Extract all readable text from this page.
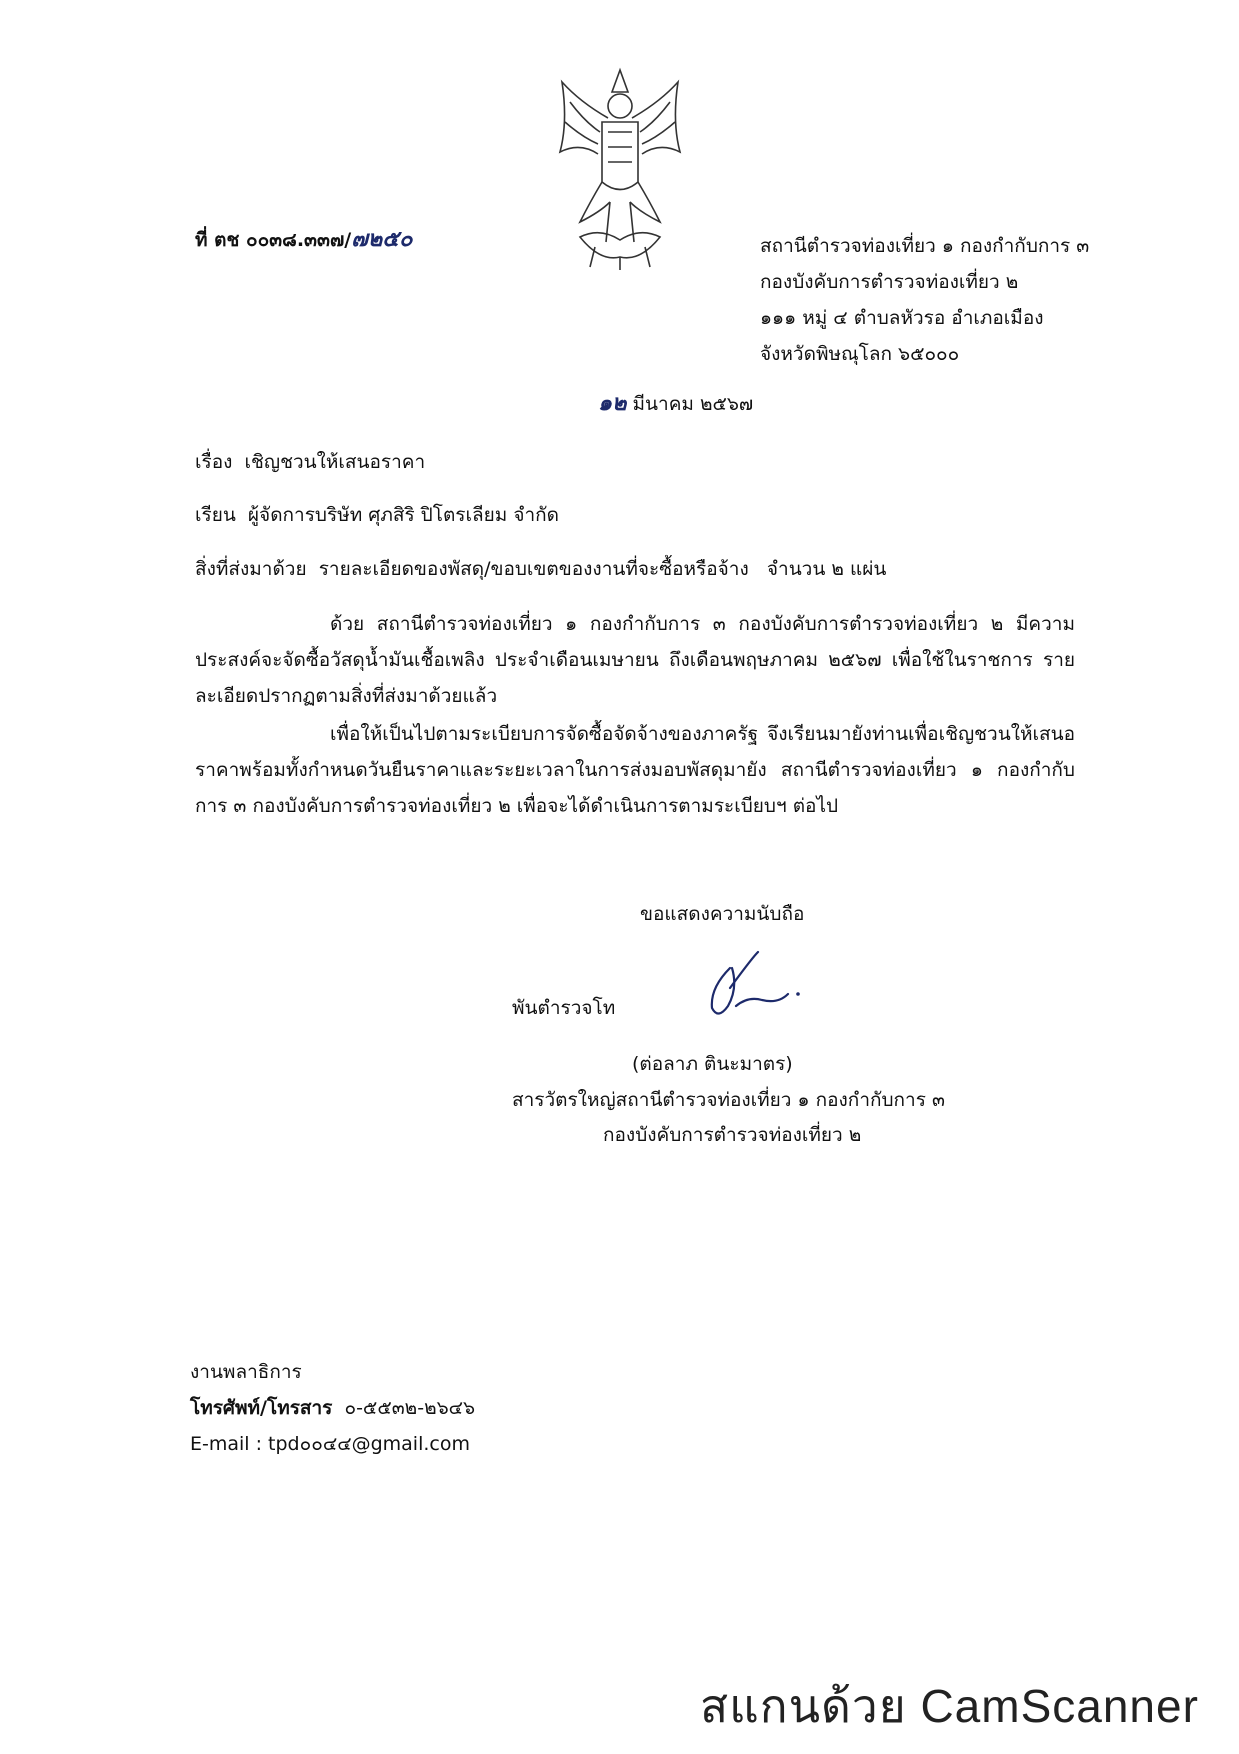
ที่ ตช ๐๐๓๘.๓๓๗/๗๒๕๐	สถานีตำรวจท่องเที่ยว ๑ กองกำกับการ ๓
กองบังคับการตำรวจท่องเที่ยว ๒
๑๑๑ หมู่ ๔ ตำบลหัวรอ อำเภอเมือง
จังหวัดพิษณุโลก ๖๕๐๐๐
๑๒ มีนาคม ๒๕๖๗
เรื่อง เชิญชวนให้เสนอราคา
เรียน ผู้จัดการบริษัท ศุภสิริ ปิโตรเลียม จำกัด
สิ่งที่ส่งมาด้วย รายละเอียดของพัสดุ/ขอบเขตของงานที่จะซื้อหรือจ้าง จำนวน ๒ แผ่น
ด้วย สถานีตำรวจท่องเที่ยว ๑ กองกำกับการ ๓ กองบังคับการตำรวจท่องเที่ยว ๒ มีความประสงค์จะจัดซื้อวัสดุน้ำมันเชื้อเพลิง ประจำเดือนเมษายน ถึงเดือนพฤษภาคม ๒๕๖๗ เพื่อใช้ในราชการ รายละเอียดปรากฏตามสิ่งที่ส่งมาด้วยแล้ว
เพื่อให้เป็นไปตามระเบียบการจัดซื้อจัดจ้างของภาครัฐ จึงเรียนมายังท่านเพื่อเชิญชวนให้เสนอราคาพร้อมทั้งกำหนดวันยืนราคาและระยะเวลาในการส่งมอบพัสดุมายัง สถานีตำรวจท่องเที่ยว ๑ กองกำกับการ ๓ กองบังคับการตำรวจท่องเที่ยว ๒ เพื่อจะได้ดำเนินการตามระเบียบฯ ต่อไป
ขอแสดงความนับถือ
พันตำรวจโท
(ต่อลาภ ตินะมาตร)
สารวัตรใหญ่สถานีตำรวจท่องเที่ยว ๑ กองกำกับการ ๓
กองบังคับการตำรวจท่องเที่ยว ๒
งานพลาธิการ
โทรศัพท์/โทรสาร ๐-๕๕๓๒-๒๖๔๖
E-mail : tpd๐๐๔๔@gmail.com
สแกนด้วย CamScanner
